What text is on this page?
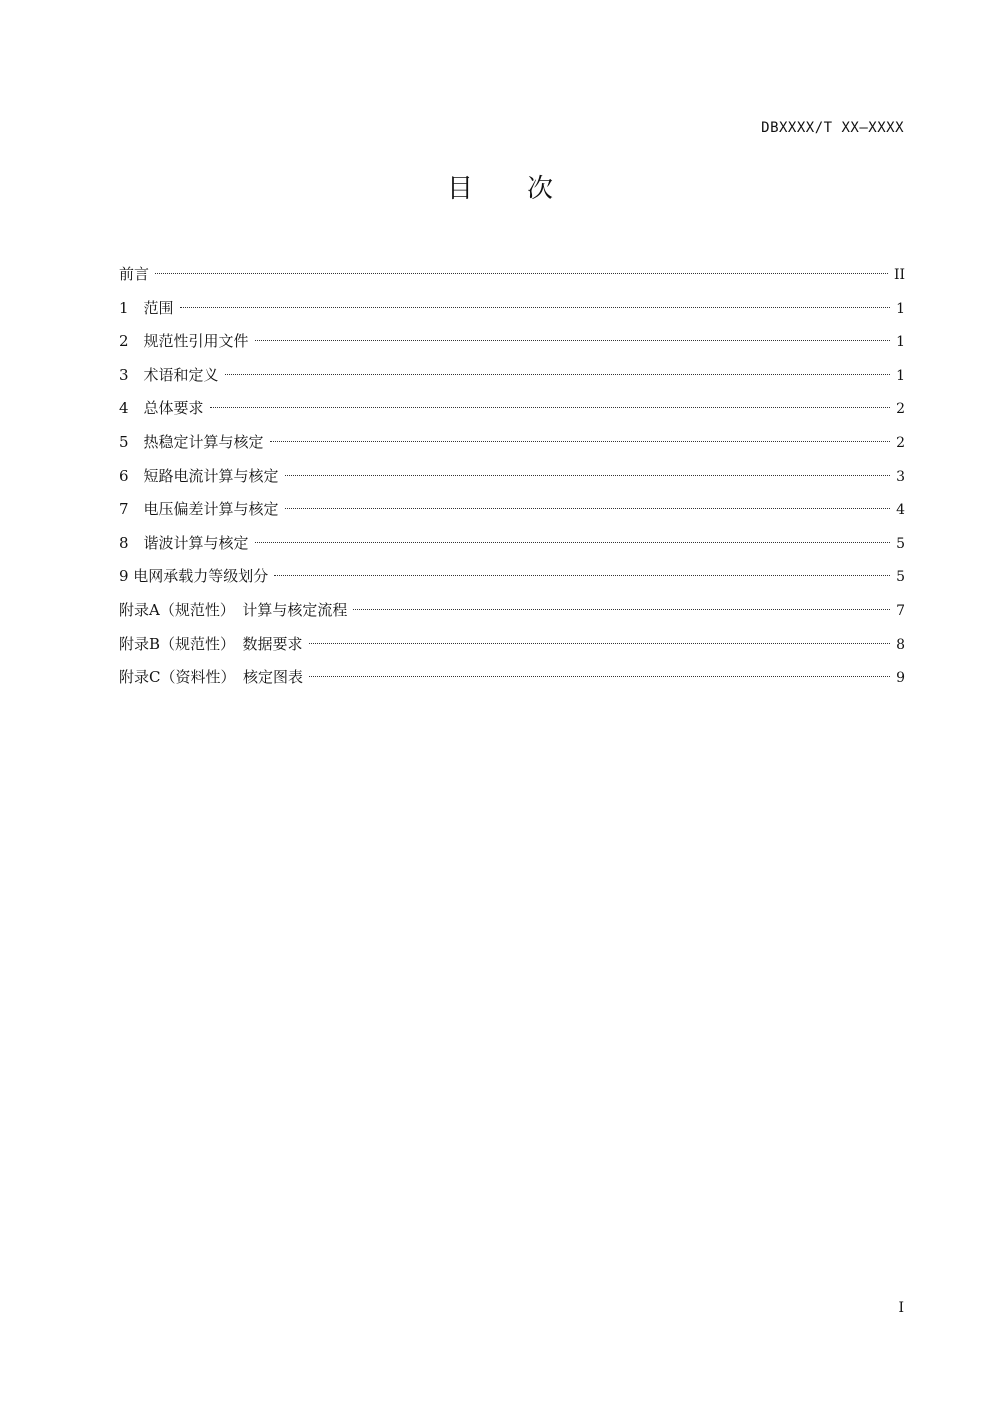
DBXXXX/T XX—XXXX
目次
前言	II
1　范围	1
2　规范性引用文件	1
3　术语和定义	1
4　总体要求	2
5　热稳定计算与核定	2
6　短路电流计算与核定	3
7　电压偏差计算与核定	4
8　谐波计算与核定	5
9 电网承载力等级划分	5
附录A（规范性）　计算与核定流程	7
附录B（规范性）　数据要求	8
附录C（资料性）　核定图表	9
I
